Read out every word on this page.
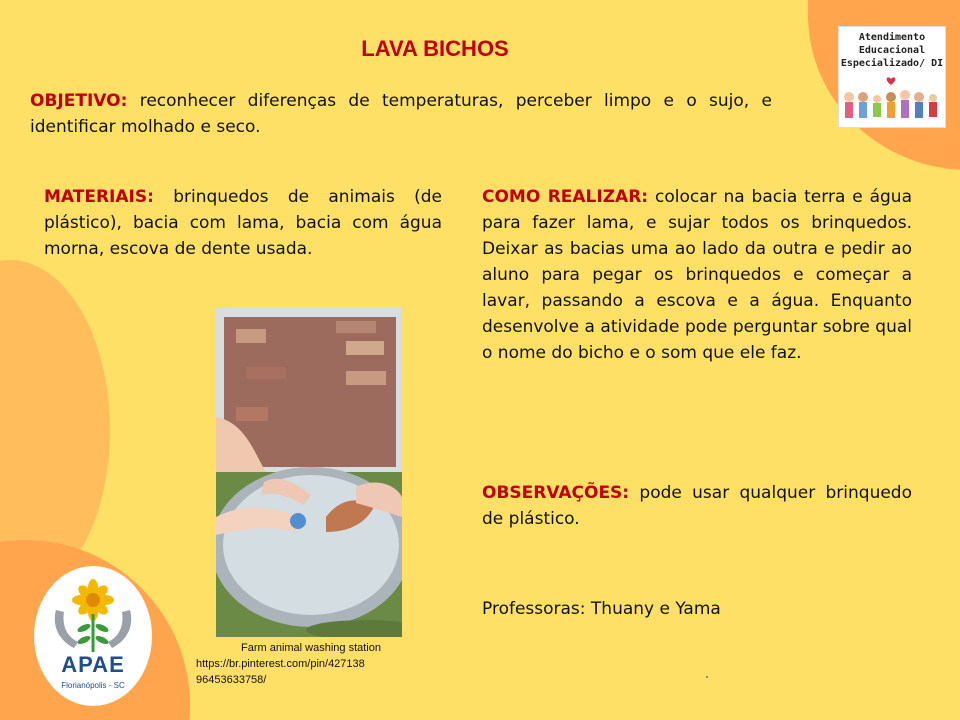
LAVA BICHOS
OBJETIVO: reconhecer diferenças de temperaturas, perceber limpo e o sujo, e identificar molhado e seco.
MATERIAIS: brinquedos de animais (de plástico), bacia com lama, bacia com água morna, escova de dente usada.
COMO REALIZAR: colocar na bacia terra e água para fazer lama, e sujar todos os brinquedos. Deixar as bacias uma ao lado da outra e pedir ao aluno para pegar os brinquedos e começar a lavar, passando a escova e a água. Enquanto desenvolve a atividade pode perguntar sobre qual o nome do bicho e o som que ele faz.
OBSERVAÇÕES: pode usar qualquer brinquedo de plástico.
Professoras: Thuany e Yama
Atendimento
Educacional
Especializado/ DI
Farm animal washing station
https://br.pinterest.com/pin/427138
96453633758/
APAE
Florianópolis - SC
